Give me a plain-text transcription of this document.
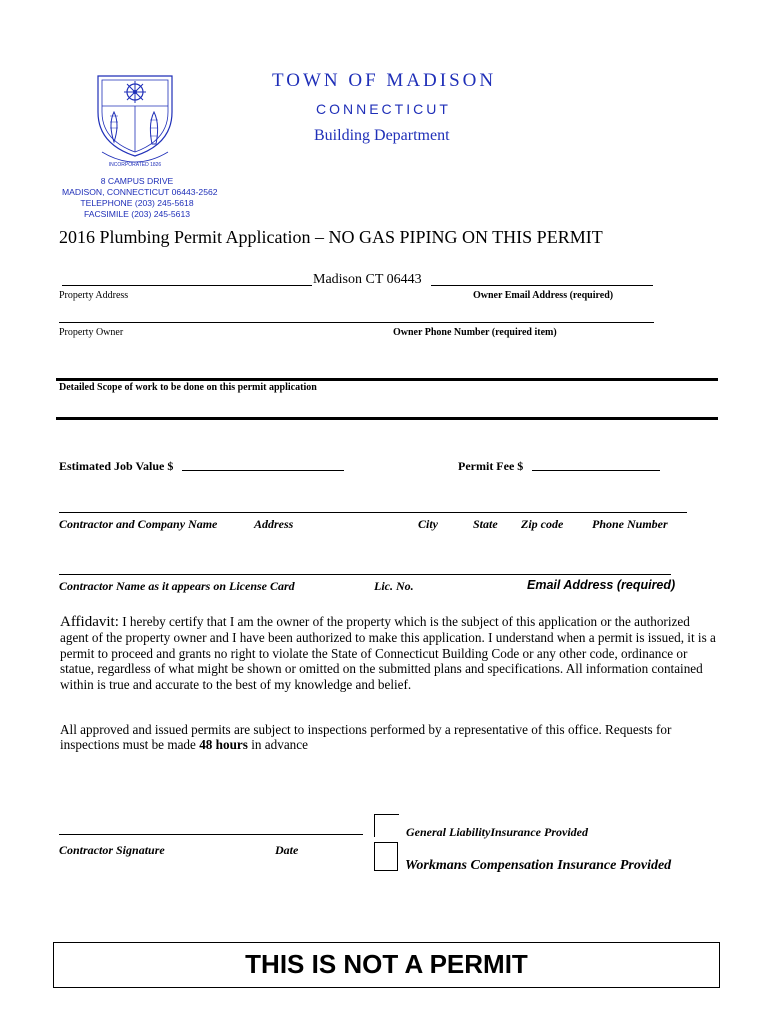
INCORPORATED 1826
TOWN OF MADISON
CONNECTICUT
Building Department
8 CAMPUS DRIVE
MADISON, CONNECTICUT 06443-2562
TELEPHONE (203) 245-5618
FACSIMILE (203) 245-5613
2016 Plumbing Permit Application – NO GAS PIPING ON THIS PERMIT
Madison CT 06443
Property Address	Owner Email Address (required)
Property Owner	Owner Phone Number (required item)
Detailed Scope of work to be done on this permit application
Estimated Job Value $	Permit Fee $
Contractor and Company Name	Address	City	State Zip code Phone Number
Contractor Name as it appears on License Card	Lic. No.	Email Address (required)
Affidavit: I hereby certify that I am the owner of the property which is the subject of this application or the authorized agent of the property owner and I have been authorized to make this application. I understand when a permit is issued, it is a permit to proceed and grants no right to violate the State of Connecticut Building Code or any other code, ordinance or statue, regardless of what might be shown or omitted on the submitted plans and specifications. All information contained within is true and accurate to the best of my knowledge and belief.
All approved and issued permits are subject to inspections performed by a representative of this office. Requests for inspections must be made 48 hours in advance
Contractor Signature	Date
General LiabilityInsurance Provided
Workmans Compensation Insurance Provided
THIS IS NOT A PERMIT
